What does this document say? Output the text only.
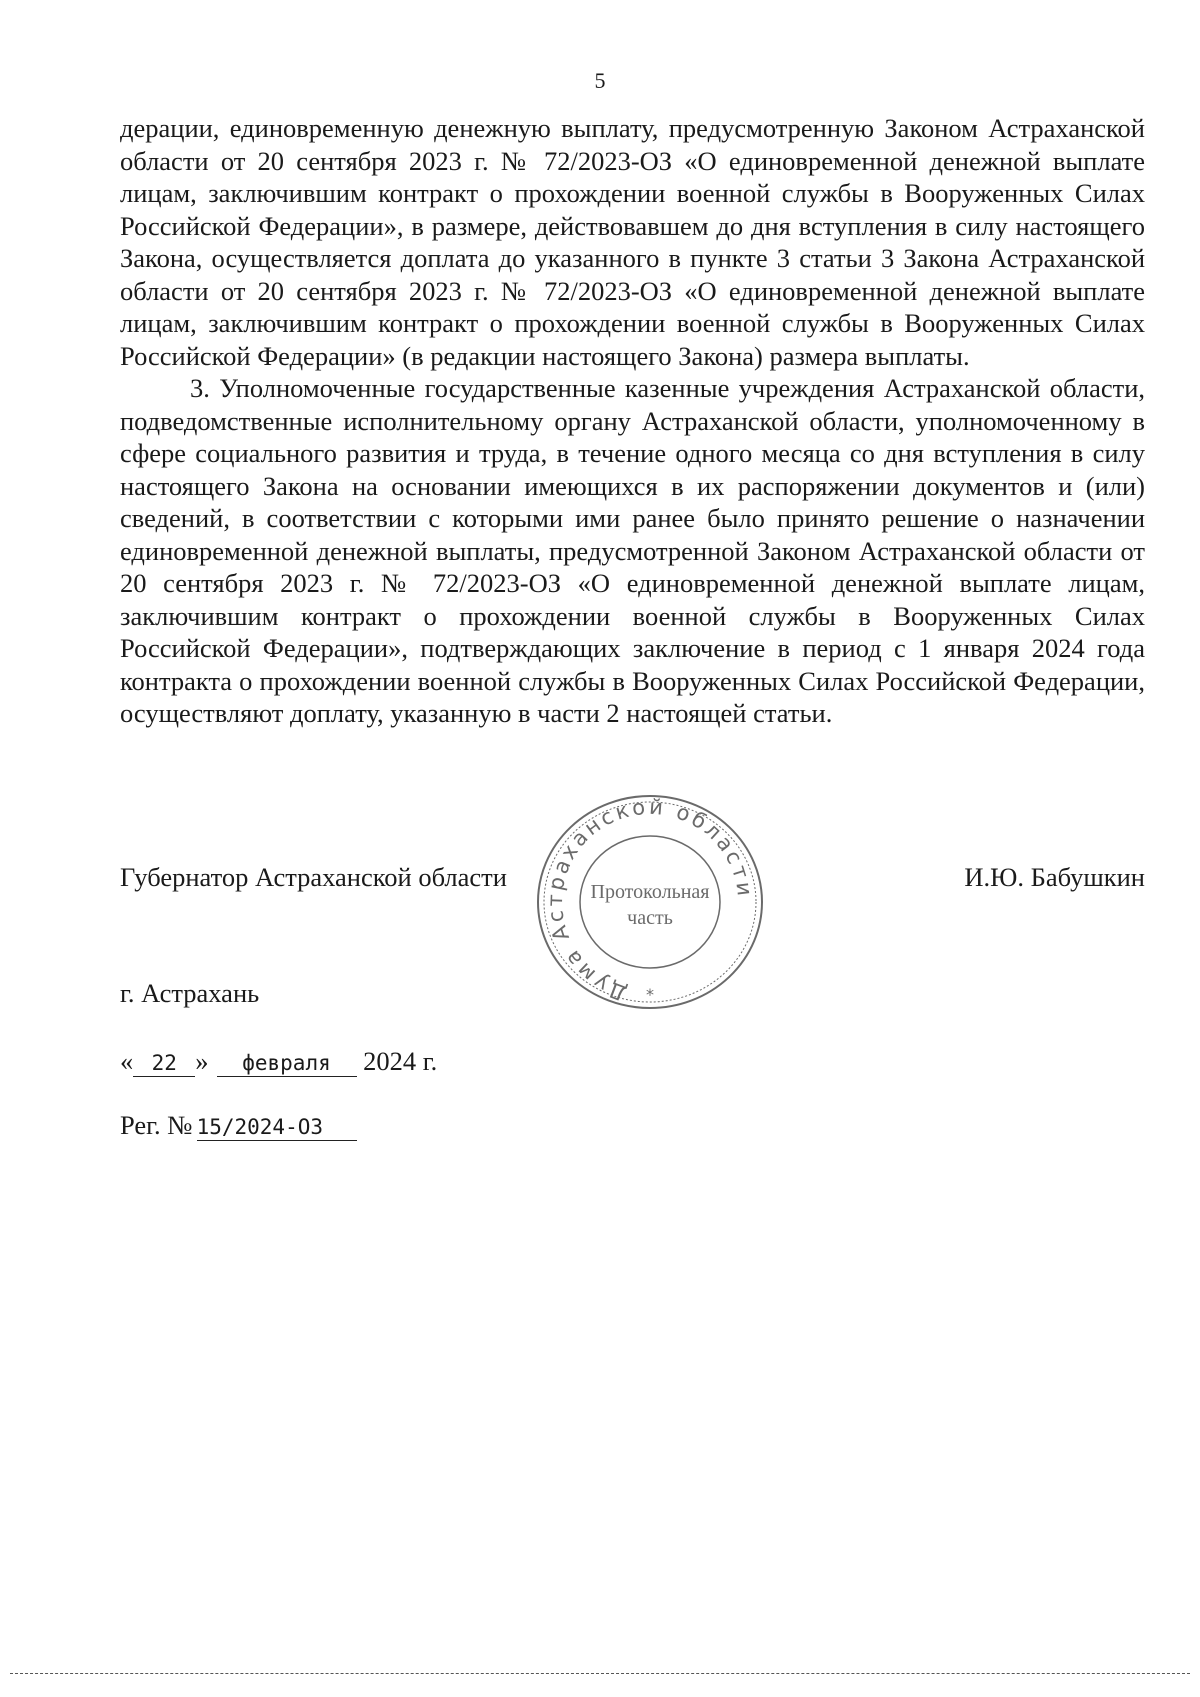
5

дерации, единовременную денежную выплату, предусмотренную Законом Астраханской области от 20 сентября 2023 г. № 72/2023-ОЗ «О единовременной денежной выплате лицам, заключившим контракт о прохождении военной службы в Вооруженных Силах Российской Федерации», в размере, действовавшем до дня вступления в силу настоящего Закона, осуществляется доплата до указанного в пункте 3 статьи 3 Закона Астраханской области от 20 сентября 2023 г. № 72/2023-ОЗ «О единовременной денежной выплате лицам, заключившим контракт о прохождении военной службы в Вооруженных Силах Российской Федерации» (в редакции настоящего Закона) размера выплаты.

3. Уполномоченные государственные казенные учреждения Астраханской области, подведомственные исполнительному органу Астраханской области, уполномоченному в сфере социального развития и труда, в течение одного месяца со дня вступления в силу настоящего Закона на основании имеющихся в их распоряжении документов и (или) сведений, в соответствии с которыми ими ранее было принято решение о назначении единовременной денежной выплаты, предусмотренной Законом Астраханской области от 20 сентября 2023 г. № 72/2023-ОЗ «О единовременной денежной выплате лицам, заключившим контракт о прохождении военной службы в Вооруженных Силах Российской Федерации», подтверждающих заключение в период с 1 января 2024 года контракта о прохождении военной службы в Вооруженных Силах Российской Федерации, осуществляют доплату, указанную в части 2 настоящей статьи.

Губернатор Астраханской области	И.Ю. Бабушкин
Дума Астраханской области
Протокольная
часть
*
г. Астрахань
« 22 » февраля 2024 г.
Рег. № 15/2024-ОЗ
